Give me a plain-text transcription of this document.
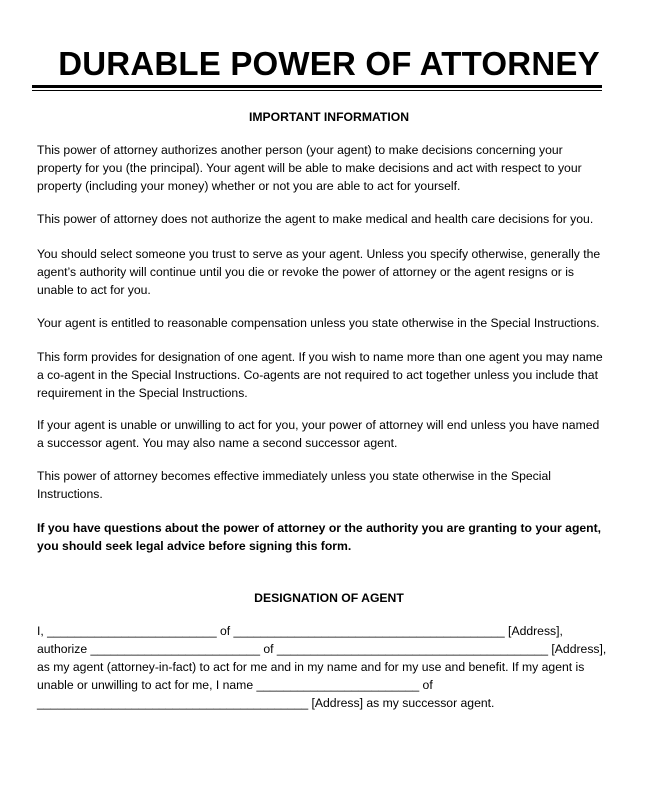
DURABLE POWER OF ATTORNEY
IMPORTANT INFORMATION

This power of attorney authorizes another person (your agent) to make decisions concerning your property for you (the principal). Your agent will be able to make decisions and act with respect to your property (including your money) whether or not you are able to act for yourself.

This power of attorney does not authorize the agent to make medical and health care decisions for you.

You should select someone you trust to serve as your agent. Unless you specify otherwise, generally the agent’s authority will continue until you die or revoke the power of attorney or the agent resigns or is unable to act for you.

Your agent is entitled to reasonable compensation unless you state otherwise in the Special Instructions.

This form provides for designation of one agent. If you wish to name more than one agent you may name a co-agent in the Special Instructions. Co-agents are not required to act together unless you include that requirement in the Special Instructions.

If your agent is unable or unwilling to act for you, your power of attorney will end unless you have named a successor agent. You may also name a second successor agent.

This power of attorney becomes effective immediately unless you state otherwise in the Special Instructions.

If you have questions about the power of attorney or the authority you are granting to your agent, you should seek legal advice before signing this form.

DESIGNATION OF AGENT
I, _________________________ of ________________________________________ [Address],
authorize _________________________ of ________________________________________ [Address],
as my agent (attorney-in-fact) to act for me and in my name and for my use and benefit. If my agent is
unable or unwilling to act for me, I name ________________________ of
________________________________________ [Address] as my successor agent.
